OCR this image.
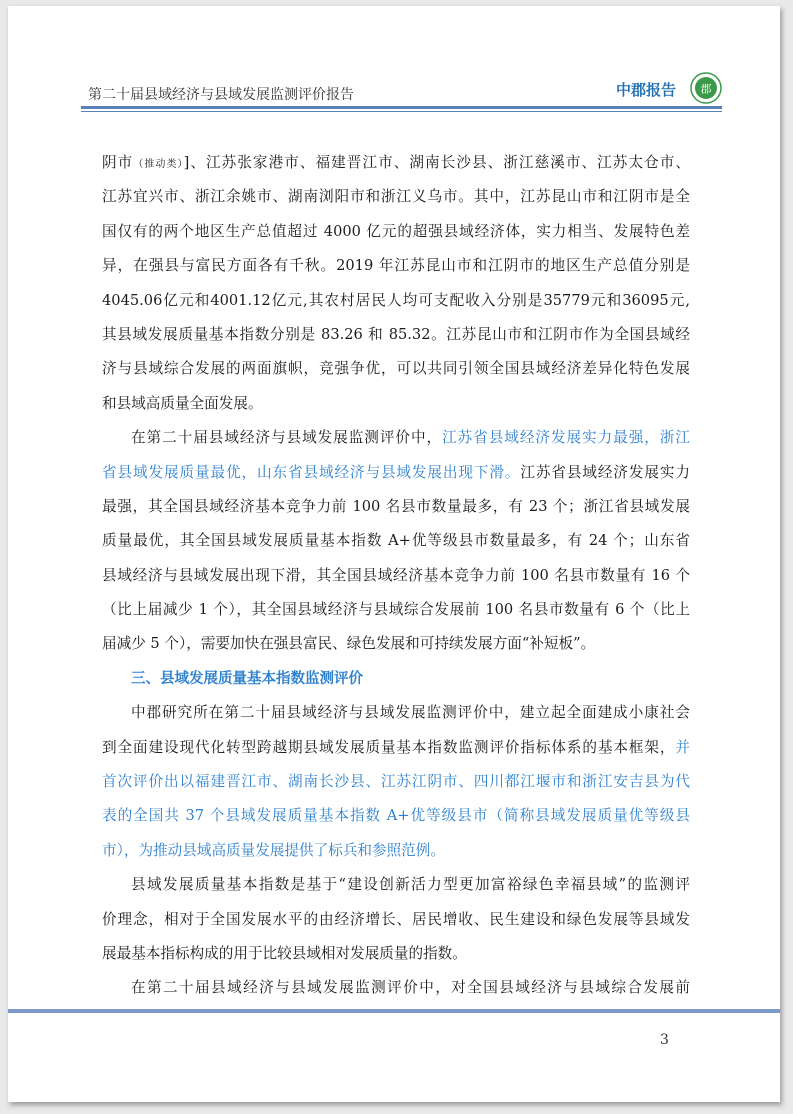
第二十届县域经济与县域发展监测评价报告	中郡报告 郡
阴市（推动类）]、江苏张家港市、福建晋江市、湖南长沙县、浙江慈溪市、江苏太仓市、
江苏宜兴市、浙江余姚市、湖南浏阳市和浙江义乌市。其中，江苏昆山市和江阴市是全
国仅有的两个地区生产总值超过 4000 亿元的超强县域经济体，实力相当、发展特色差
异，在强县与富民方面各有千秋。2019 年江苏昆山市和江阴市的地区生产总值分别是
4045.06亿元和4001.12亿元,其农村居民人均可支配收入分别是35779元和36095元,
其县域发展质量基本指数分别是 83.26 和 85.32。江苏昆山市和江阴市作为全国县域经
济与县域综合发展的两面旗帜，竞强争优，可以共同引领全国县域经济差异化特色发展
和县域高质量全面发展。
在第二十届县域经济与县域发展监测评价中，江苏省县域经济发展实力最强，浙江
省县域发展质量最优，山东省县域经济与县域发展出现下滑。江苏省县域经济发展实力
最强，其全国县域经济基本竞争力前 100 名县市数量最多，有 23 个；浙江省县域发展
质量最优，其全国县域发展质量基本指数 A+优等级县市数量最多，有 24 个；山东省
县域经济与县域发展出现下滑，其全国县域经济基本竞争力前 100 名县市数量有 16 个
（比上届减少 1 个），其全国县域经济与县域综合发展前 100 名县市数量有 6 个（比上
届减少 5 个），需要加快在强县富民、绿色发展和可持续发展方面“补短板”。
三、县域发展质量基本指数监测评价
中郡研究所在第二十届县域经济与县域发展监测评价中，建立起全面建成小康社会
到全面建设现代化转型跨越期县域发展质量基本指数监测评价指标体系的基本框架，并
首次评价出以福建晋江市、湖南长沙县、江苏江阴市、四川都江堰市和浙江安吉县为代
表的全国共 37 个县域发展质量基本指数 A+优等级县市（简称县域发展质量优等级县
市），为推动县域高质量发展提供了标兵和参照范例。
县域发展质量基本指数是基于“建设创新活力型更加富裕绿色幸福县域”的监测评
价理念，相对于全国发展水平的由经济增长、居民增收、民生建设和绿色发展等县域发
展最基本指标构成的用于比较县域相对发展质量的指数。
在第二十届县域经济与县域发展监测评价中，对全国县域经济与县域综合发展前
3
